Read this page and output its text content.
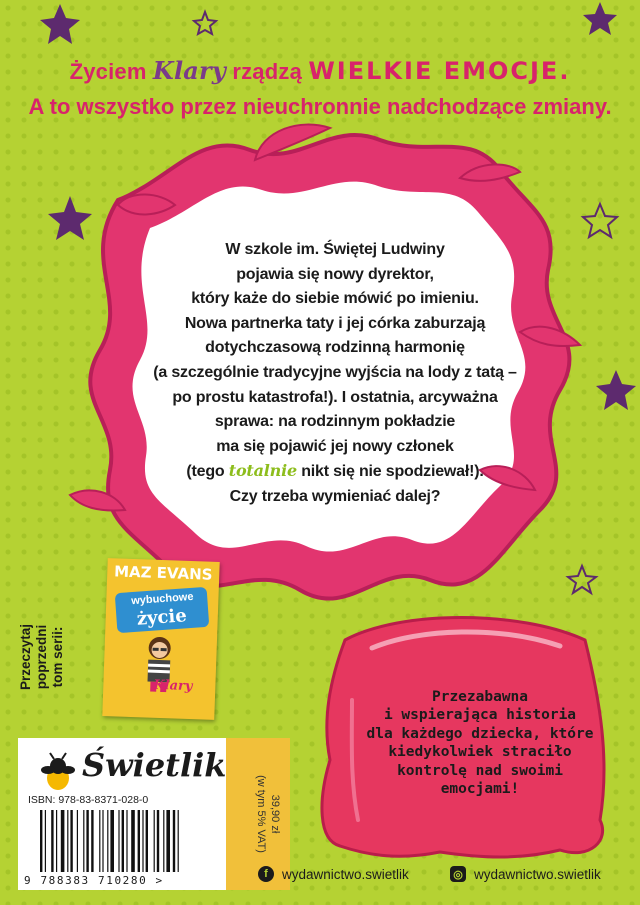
Życiem Klary rządzą WIELKIE EMOCJE.
A to wszystko przez nieuchronnie nadchodzące zmiany.
W szkole im. Świętej Ludwiny
pojawia się nowy dyrektor,
który każe do siebie mówić po imieniu.
Nowa partnerka taty i jej córka zaburzają
dotychczasową rodzinną harmonię
(a szczególnie tradycyjne wyjścia na lody z tatą –
po prostu katastrofa!). I ostatnia, arcyważna
sprawa: na rodzinnym pokładzie
ma się pojawić jej nowy członek
(tego totalnie nikt się nie spodziewał!).
Czy trzeba wymieniać dalej?
Przezabawna
i wspierająca historia
dla każdego dziecka, które
kiedykolwiek straciło
kontrolę nad swoimi
emocjami!
Przeczytaj
poprzedni
tom serii:
MAZ EVANS
wybuchowe
życie
Klary
Świetlik
ISBN: 978-83-8371-028-0
9 788383 710280 >
39,90 zł
(w tym 5% VAT)
f	wydawnictwo.swietlik	◎ wydawnictwo.swietlik
